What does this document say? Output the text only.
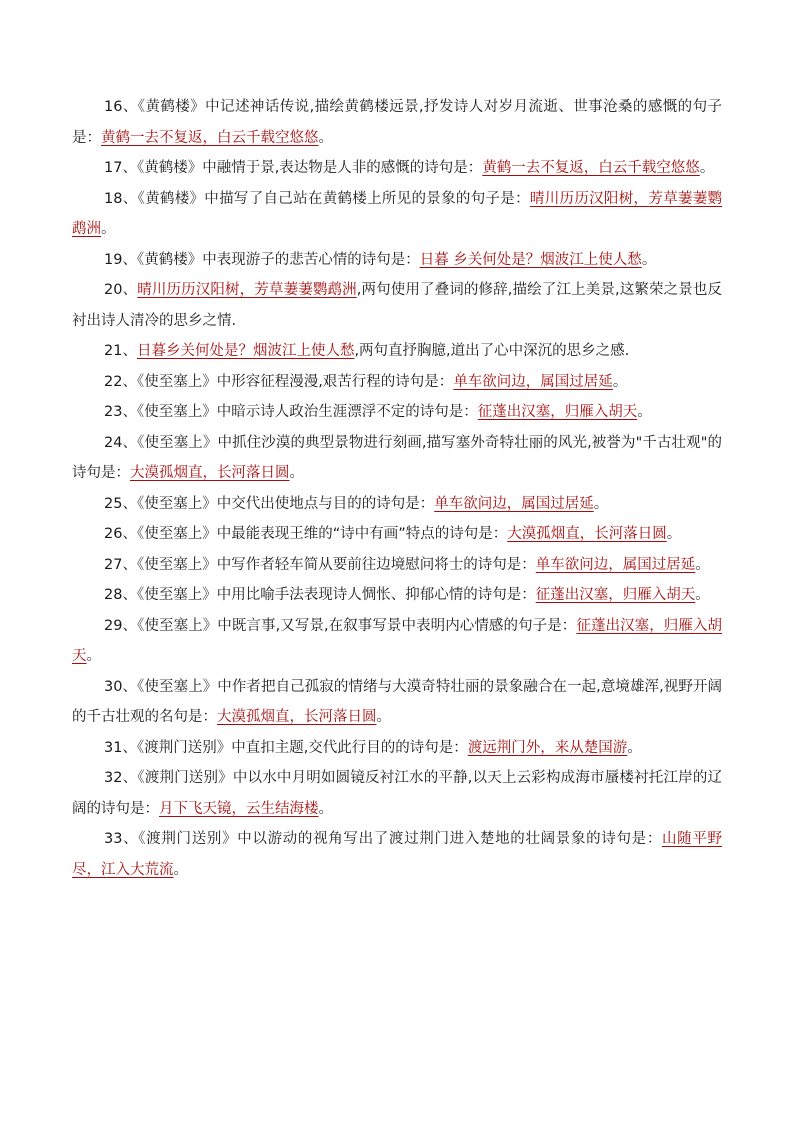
16、《黄鹤楼》中记述神话传说,描绘黄鹤楼远景,抒发诗人对岁月流逝、世事沧桑的感慨的句子是：黄鹤一去不复返，白云千载空悠悠。

17、《黄鹤楼》中融情于景,表达物是人非的感慨的诗句是：黄鹤一去不复返，白云千载空悠悠。

18、《黄鹤楼》中描写了自己站在黄鹤楼上所见的景象的句子是：晴川历历汉阳树，芳草萋萋鹦鹉洲。

19、《黄鹤楼》中表现游子的悲苦心情的诗句是：日暮 乡关何处是？烟波江上使人愁。

20、晴川历历汉阳树，芳草萋萋鹦鹉洲,两句使用了叠词的修辞,描绘了江上美景,这繁荣之景也反衬出诗人清冷的思乡之情.

21、日暮乡关何处是？烟波江上使人愁,两句直抒胸臆,道出了心中深沉的思乡之感.

22、《使至塞上》中形容征程漫漫,艰苦行程的诗句是：单车欲问边，属国过居延。

23、《使至塞上》中暗示诗人政治生涯漂浮不定的诗句是：征蓬出汉塞，归雁入胡天。

24、《使至塞上》中抓住沙漠的典型景物进行刻画,描写塞外奇特壮丽的风光,被誉为"千古壮观"的诗句是：大漠孤烟直，长河落日圆。

25、《使至塞上》中交代出使地点与目的的诗句是：单车欲问边，属国过居延。

26、《使至塞上》中最能表现王维的“诗中有画”特点的诗句是：大漠孤烟直，长河落日圆。

27、《使至塞上》中写作者轻车简从要前往边境慰问将士的诗句是：单车欲问边，属国过居延。

28、《使至塞上》中用比喻手法表现诗人惆怅、抑郁心情的诗句是：征蓬出汉塞，归雁入胡天。

29、《使至塞上》中既言事,又写景,在叙事写景中表明内心情感的句子是：征蓬出汉塞，归雁入胡天。

30、《使至塞上》中作者把自己孤寂的情绪与大漠奇特壮丽的景象融合在一起,意境雄浑,视野开阔的千古壮观的名句是：大漠孤烟直，长河落日圆。

31、《渡荆门送别》中直扣主题,交代此行目的的诗句是：渡远荆门外，来从楚国游。

32、《渡荆门送别》中以水中月明如圆镜反衬江水的平静,以天上云彩构成海市蜃楼衬托江岸的辽阔的诗句是：月下飞天镜，云生结海楼。

33、《渡荆门送别》中以游动的视角写出了渡过荆门进入楚地的壮阔景象的诗句是：山随平野尽，江入大荒流。
